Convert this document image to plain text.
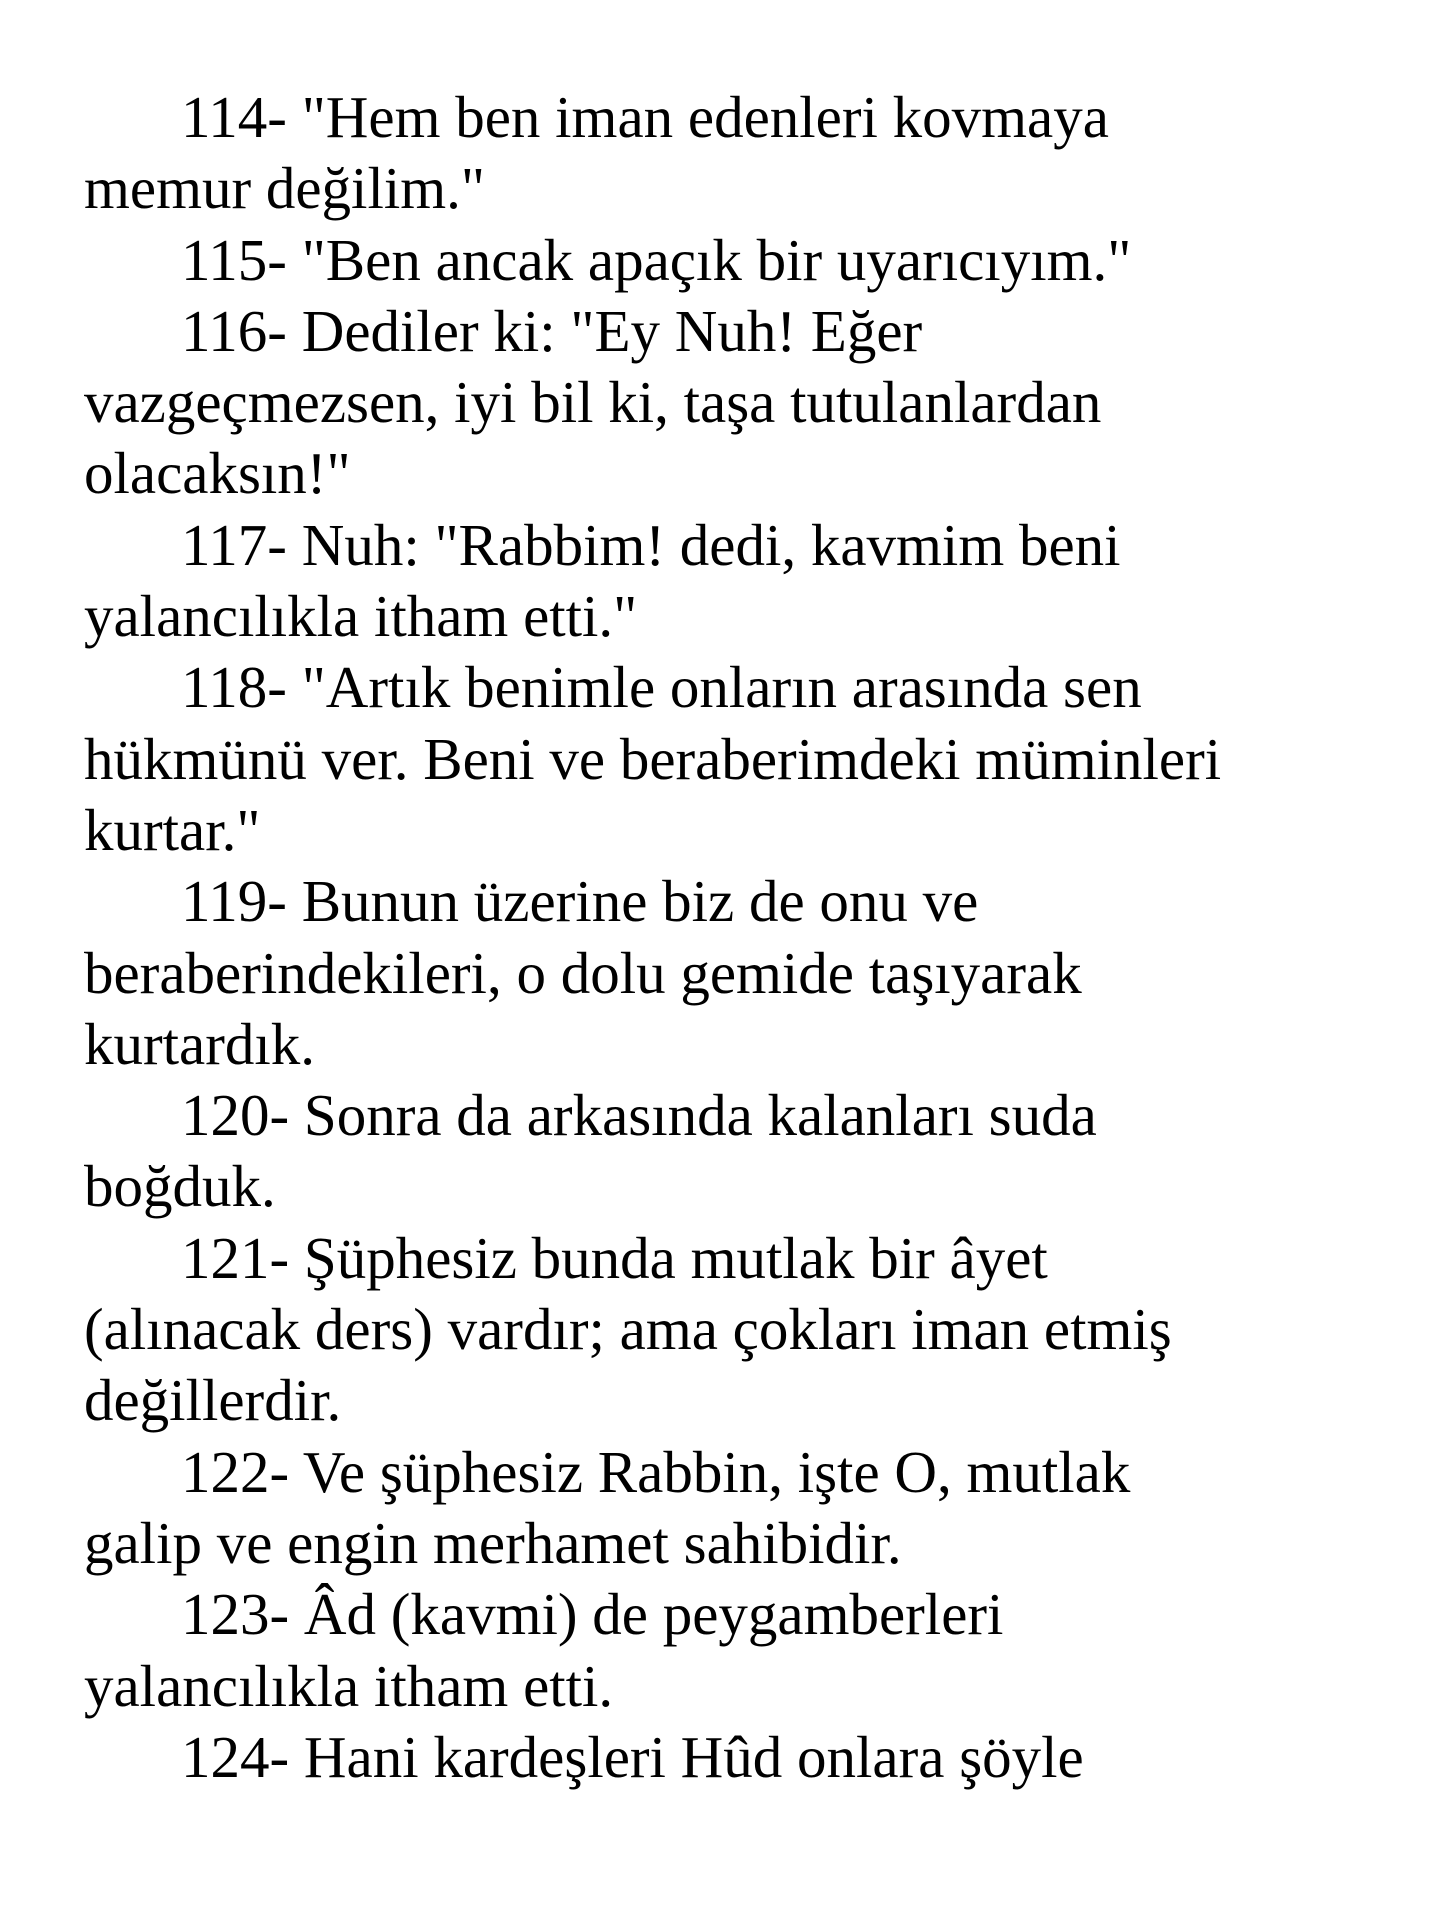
114- "Hem ben iman edenleri kovmaya
memur değilim."
115- "Ben ancak apaçık bir uyarıcıyım."
116- Dediler ki: "Ey Nuh! Eğer
vazgeçmezsen, iyi bil ki, taşa tutulanlardan
olacaksın!"
117- Nuh: "Rabbim! dedi, kavmim beni
yalancılıkla itham etti."
118- "Artık benimle onların arasında sen
hükmünü ver. Beni ve beraberimdeki müminleri
kurtar."
119- Bunun üzerine biz de onu ve
beraberindekileri, o dolu gemide taşıyarak
kurtardık.
120- Sonra da arkasında kalanları suda
boğduk.
121- Şüphesiz bunda mutlak bir âyet
(alınacak ders) vardır; ama çokları iman etmiş
değillerdir.
122- Ve şüphesiz Rabbin, işte O, mutlak
galip ve engin merhamet sahibidir.
123- Âd (kavmi) de peygamberleri
yalancılıkla itham etti.
124- Hani kardeşleri Hûd onlara şöyle
